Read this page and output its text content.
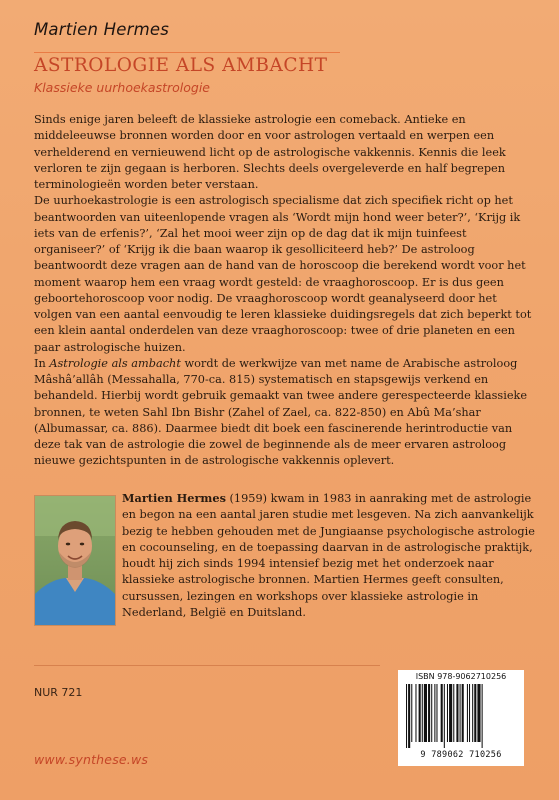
Martien Hermes
ASTROLOGIE ALS AMBACHT
Klassieke uurhoekastrologie

Sinds enige jaren beleeft de klassieke astrologie een comeback. Antieke en middeleeuwse bronnen worden door en voor astrologen vertaald en werpen een verhelderend en vernieuwend licht op de astrologische vakkennis. Kennis die leek verloren te zijn gegaan is herboren. Slechts deels overgeleverde en half begrepen terminologieën worden beter verstaan.

De uurhoekastrologie is een astrologisch specialisme dat zich specifiek richt op het beantwoorden van uiteenlopende vragen als ‘Wordt mijn hond weer beter?’, ‘Krijg ik iets van de erfenis?’, ‘Zal het mooi weer zijn op de dag dat ik mijn tuinfeest organiseer?’ of ‘Krijg ik die baan waarop ik gesolliciteerd heb?’ De astroloog beantwoordt deze vragen aan de hand van de horoscoop die berekend wordt voor het moment waarop hem een vraag wordt gesteld: de vraaghoroscoop. Er is dus geen geboortehoroscoop voor nodig. De vraaghoroscoop wordt geanalyseerd door het volgen van een aantal eenvoudig te leren klassieke duidingsregels dat zich beperkt tot een klein aantal onderdelen van deze vraaghoroscoop: twee of drie planeten en een paar astrologische huizen.

In Astrologie als ambacht wordt de werkwijze van met name de Arabische astroloog Mâshâ’allâh (Messahalla, 770-ca. 815) systematisch en stapsgewijs verkend en behandeld. Hierbij wordt gebruik gemaakt van twee andere gerespecteerde klassieke bronnen, te weten Sahl Ibn Bishr (Zahel of Zael, ca. 822-850) en Abû Ma’shar (Albumassar, ca. 886). Daarmee biedt dit boek een fascinerende herintroductie van deze tak van de astrologie die zowel de beginnende als de meer ervaren astroloog nieuwe gezichtspunten in de astrologische vakkennis oplevert.

Martien Hermes (1959) kwam in 1983 in aanraking met de astrologie en begon na een aantal jaren studie met lesgeven. Na zich aanvankelijk bezig te hebben gehouden met de Jungiaanse psychologische astrologie en cocounseling, en de toepassing daarvan in de astrologische praktijk, houdt hij zich sinds 1994 intensief bezig met het onderzoek naar klassieke astrologische bronnen. Martien Hermes geeft consulten, cursussen, lezingen en workshops over klassieke astrologie in Nederland, België en Duitsland.

NUR 721
ISBN 978-9062710256
9 789062 710256
www.synthese.ws
